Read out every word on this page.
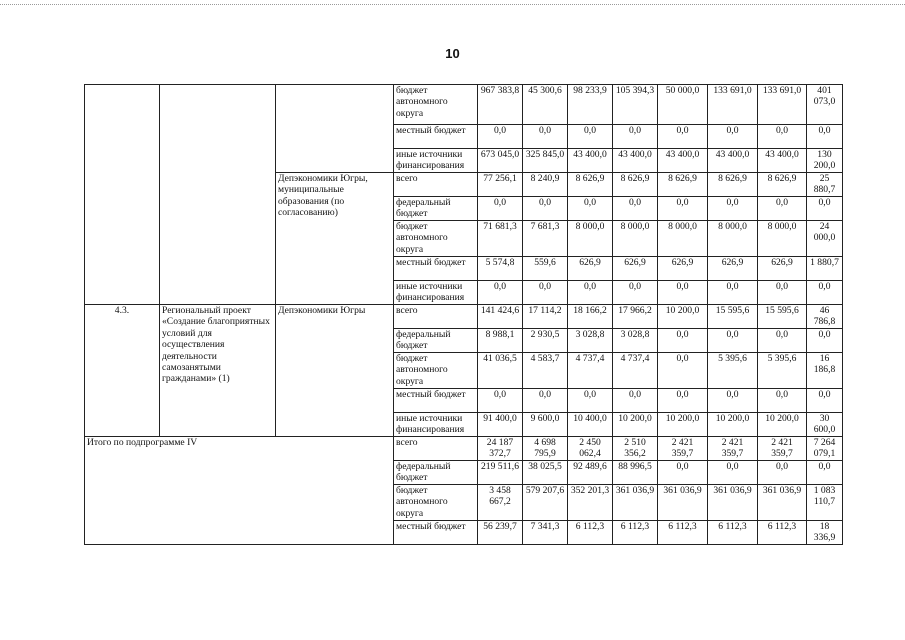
10
			бюджет автономного округа	967 383,8	45 300,6	98 233,9	105 394,3	50 000,0	133 691,0	133 691,0	401 073,0
			местный бюджет	0,0	0,0	0,0	0,0	0,0	0,0	0,0	0,0
			иные источники финансирования	673 045,0	325 845,0	43 400,0	43 400,0	43 400,0	43 400,0	43 400,0	130 200,0
		Депэкономики Югры, муниципальные образования (по согласованию)	всего	77 256,1	8 240,9	8 626,9	8 626,9	8 626,9	8 626,9	8 626,9	25 880,7
			федеральный бюджет	0,0	0,0	0,0	0,0	0,0	0,0	0,0	0,0
			бюджет автономного округа	71 681,3	7 681,3	8 000,0	8 000,0	8 000,0	8 000,0	8 000,0	24 000,0
			местный бюджет	5 574,8	559,6	626,9	626,9	626,9	626,9	626,9	1 880,7
			иные источники финансирования	0,0	0,0	0,0	0,0	0,0	0,0	0,0	0,0
4.3.	Региональный проект «Создание благоприятных условий для осуществления деятельности самозанятыми гражданами» (1)	Депэкономики Югры	всего	141 424,6	17 114,2	18 166,2	17 966,2	10 200,0	15 595,6	15 595,6	46 786,8
			федеральный бюджет	8 988,1	2 930,5	3 028,8	3 028,8	0,0	0,0	0,0	0,0
			бюджет автономного округа	41 036,5	4 583,7	4 737,4	4 737,4	0,0	5 395,6	5 395,6	16 186,8
			местный бюджет	0,0	0,0	0,0	0,0	0,0	0,0	0,0	0,0
			иные источники финансирования	91 400,0	9 600,0	10 400,0	10 200,0	10 200,0	10 200,0	10 200,0	30 600,0
Итого по подпрограмме IV			всего	24 187 372,7	4 698 795,9	2 450 062,4	2 510 356,2	2 421 359,7	2 421 359,7	2 421 359,7	7 264 079,1
			федеральный бюджет	219 511,6	38 025,5	92 489,6	88 996,5	0,0	0,0	0,0	0,0
			бюджет автономного округа	3 458 667,2	579 207,6	352 201,3	361 036,9	361 036,9	361 036,9	361 036,9	1 083 110,7
			местный бюджет	56 239,7	7 341,3	6 112,3	6 112,3	6 112,3	6 112,3	6 112,3	18 336,9
